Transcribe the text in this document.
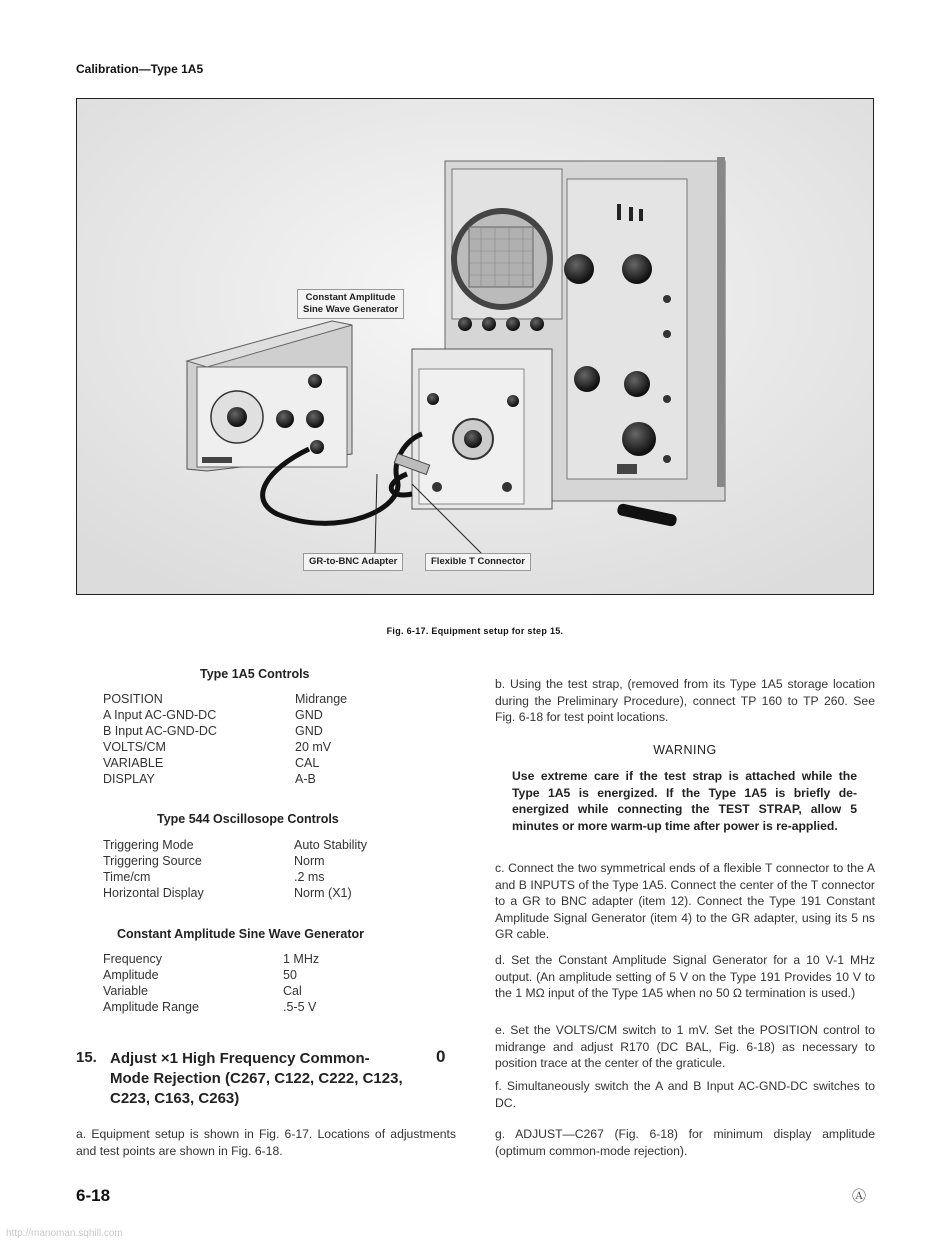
Calibration—Type 1A5
Constant Amplitude
Sine Wave Generator
GR-to-BNC Adapter	Flexible T Connector
Fig. 6-17. Equipment setup for step 15.
Type 1A5 Controls
POSITION	Midrange
A Input AC-GND-DC	GND
B Input AC-GND-DC	GND
VOLTS/CM	20 mV
VARIABLE	CAL
DISPLAY	A-B
Type 544 Oscillosope Controls
Triggering Mode	Auto Stability
Triggering Source	Norm
Time/cm	.2 ms
Horizontal Display	Norm (X1)
Constant Amplitude Sine Wave Generator
Frequency	1 MHz
Amplitude	50
Variable	Cal
Amplitude Range	.5-5 V
15. Adjust ×1 High Frequency Common-
Mode Rejection (C267, C122, C222, C123,
C223, C163, C263)
0
a. Equipment setup is shown in Fig. 6-17. Locations of adjustments and test points are shown in Fig. 6-18.
b. Using the test strap, (removed from its Type 1A5 storage location during the Preliminary Procedure), connect TP 160 to TP 260. See Fig. 6-18 for test point locations.
WARNING
Use extreme care if the test strap is attached while the Type 1A5 is energized. If the Type 1A5 is briefly de-energized while connecting the TEST STRAP, allow 5 minutes or more warm-up time after power is re-applied.
c. Connect the two symmetrical ends of a flexible T connector to the A and B INPUTS of the Type 1A5. Connect the center of the T connector to a GR to BNC adapter (item 12). Connect the Type 191 Constant Amplitude Signal Generator (item 4) to the GR adapter, using its 5 ns GR cable.
d. Set the Constant Amplitude Signal Generator for a 10 V-1 MHz output. (An amplitude setting of 5 V on the Type 191 Provides 10 V to the 1 MΩ input of the Type 1A5 when no 50 Ω termination is used.)
e. Set the VOLTS/CM switch to 1 mV. Set the POSITION control to midrange and adjust R170 (DC BAL, Fig. 6-18) as necessary to position trace at the center of the graticule.
f. Simultaneously switch the A and B Input AC-GND-DC switches to DC.
g. ADJUST—C267 (Fig. 6-18) for minimum display amplitude (optimum common-mode rejection).
6-18	Ⓐ
http://manoman.sqhill.com
